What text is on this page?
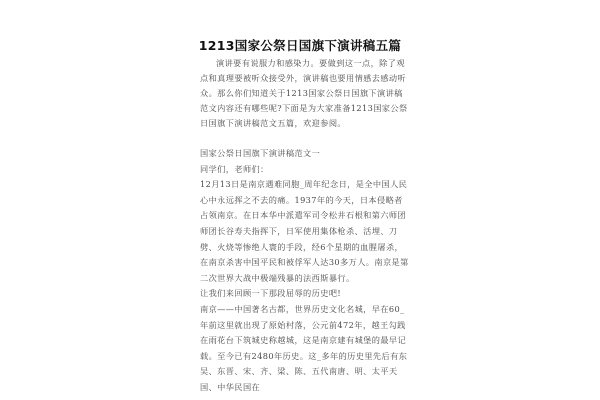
1213国家公祭日国旗下演讲稿五篇
演讲要有说服力和感染力。要做到这一点，除了观点和真理要被听众接受外，演讲稿也要用情感去感动听众。那么你们知道关于1213国家公祭日国旗下演讲稿范文内容还有哪些呢?下面是为大家准备1213国家公祭日国旗下演讲稿范文五篇，欢迎参阅。
国家公祭日国旗下演讲稿范文一
同学们，老师们：
12月13日是南京遇难同胞_周年纪念日，是全中国人民心中永远挥之不去的痛。1937年的今天，日本侵略者占领南京。在日本华中派遣军司令松井石根和第六师团师团长谷寿夫指挥下，日军使用集体枪杀、活埋、刀劈、火烧等惨绝人寰的手段，经6个星期的血腥屠杀，在南京杀害中国平民和被俘军人达30多万人。南京是第二次世界大战中极端残暴的法西斯暴行。
让我们来回顾一下那段屈辱的历史吧!
南京——中国著名古都，世界历史文化名城，早在60_年前这里就出现了原始村落，公元前472年，越王勾践在雨花台下筑城史称越城，这是南京建有城堡的最早记载。至今已有2480年历史。这_多年的历史里先后有东吴、东晋、宋、齐、梁、陈、五代南唐、明、太平天国、中华民国在
